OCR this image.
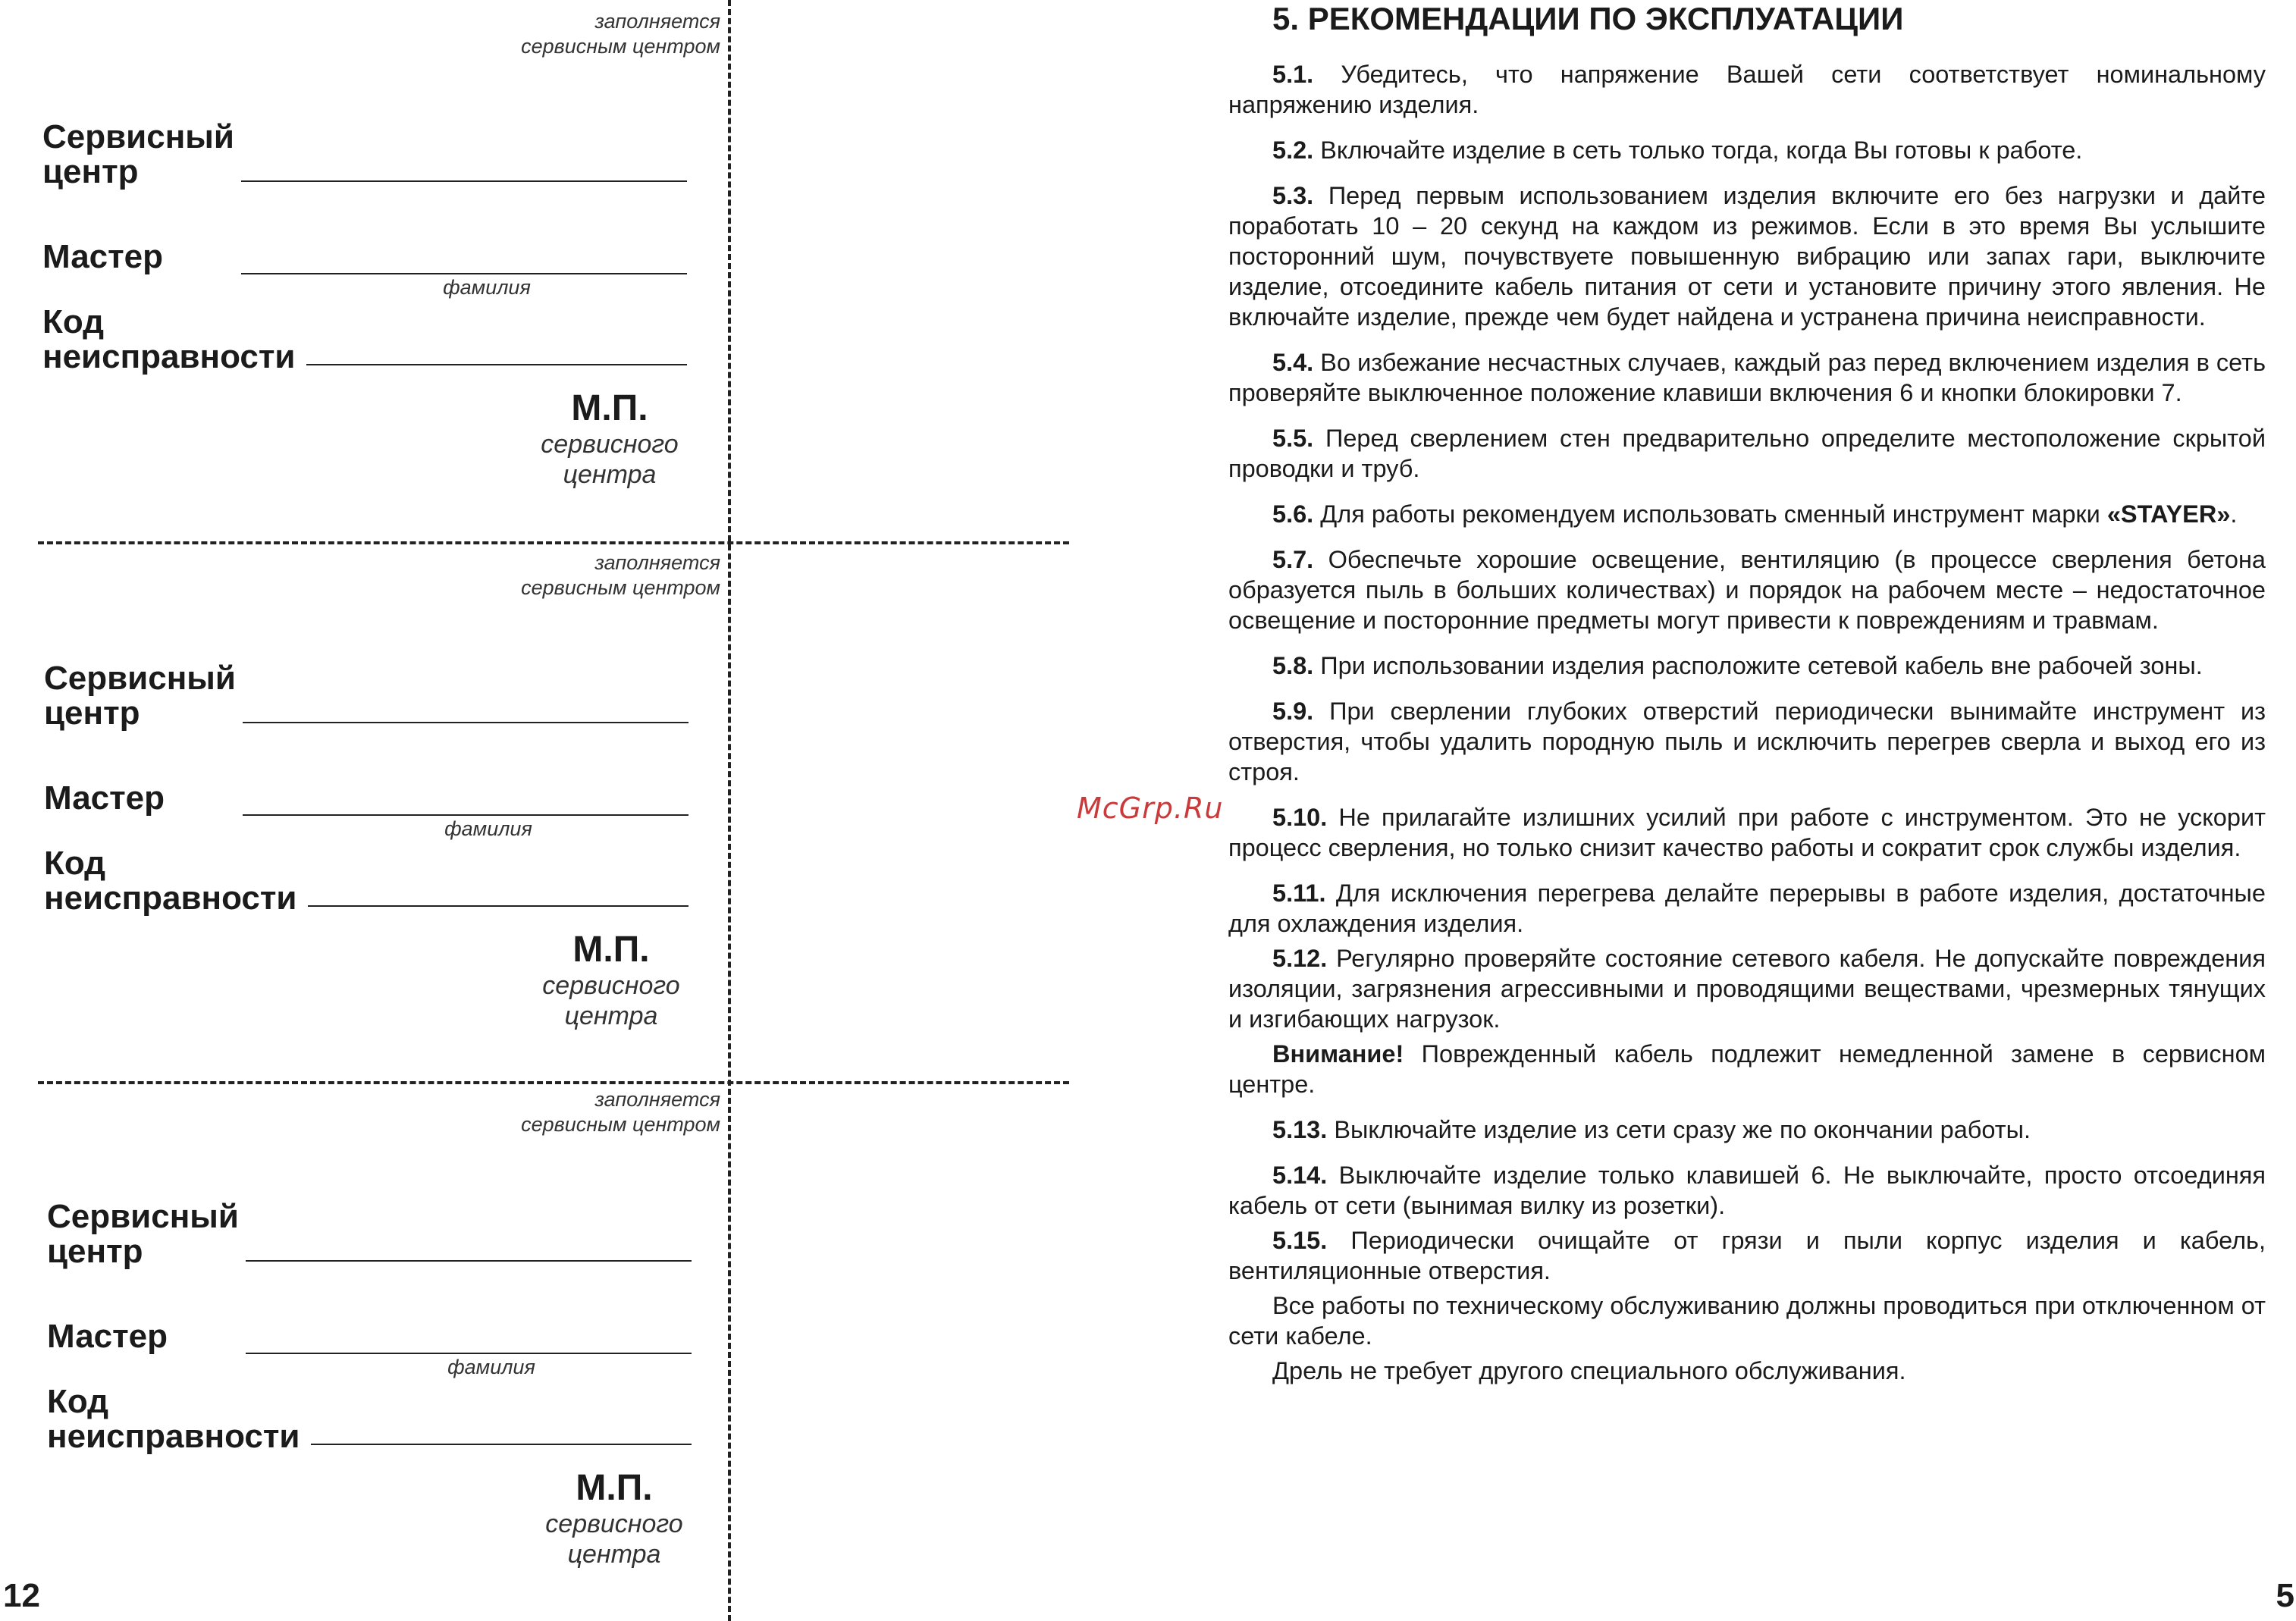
заполняется
сервисным центром
Сервисный
центр
Мастер
фамилия
Код
неисправности
М.П.
сервисного
центра
заполняется
сервисным центром
Сервисный
центр
Мастер
фамилия
Код
неисправности
М.П.
сервисного
центра
заполняется
сервисным центром
Сервисный
центр
Мастер
фамилия
Код
неисправности
М.П.
сервисного
центра
12
5. РЕКОМЕНДАЦИИ ПО ЭКСПЛУАТАЦИИ

5.1. Убедитесь, что напряжение Вашей сети соответствует номинальному напряжению изделия.

5.2. Включайте изделие в сеть только тогда, когда Вы готовы к работе.

5.3. Перед первым использованием изделия включите его без нагрузки и дайте поработать 10 – 20 секунд на каждом из режимов. Если в это время Вы услышите посторонний шум, почувствуете повышенную вибрацию или запах гари, выключите изделие, отсоедините кабель питания от сети и установите причину этого явления. Не включайте изделие, прежде чем будет найдена и устранена причина неисправности.

5.4. Во избежание несчастных случаев, каждый раз перед включением изделия в сеть проверяйте выключенное положение клавиши включения 6 и кнопки блокировки 7.

5.5. Перед сверлением стен предварительно определите местоположение скрытой проводки и труб.

5.6. Для работы рекомендуем использовать сменный инструмент марки «STAYER».

5.7. Обеспечьте хорошие освещение, вентиляцию (в процессе сверления бетона образуется пыль в больших количествах) и порядок на рабочем месте – недостаточное освещение и посторонние предметы могут привести к повреждениям и травмам.

5.8. При использовании изделия расположите сетевой кабель вне рабочей зоны.

5.9. При сверлении глубоких отверстий периодически вынимайте инструмент из отверстия, чтобы удалить породную пыль и исключить перегрев сверла и выход его из строя.

5.10. Не прилагайте излишних усилий при работе с инструментом. Это не ускорит процесс сверления, но только снизит качество работы и сократит срок службы изделия.

5.11. Для исключения перегрева делайте перерывы в работе изделия, достаточные для охлаждения изделия.

5.12. Регулярно проверяйте состояние сетевого кабеля. Не допускайте повреждения изоляции, загрязнения агрессивными и проводящими веществами, чрезмерных тянущих и изгибающих нагрузок.

Внимание! Поврежденный кабель подлежит немедленной замене в сервисном центре.

5.13. Выключайте изделие из сети сразу же по окончании работы.

5.14. Выключайте изделие только клавишей 6. Не выключайте, просто отсоединяя кабель от сети (вынимая вилку из розетки).

5.15. Периодически очищайте от грязи и пыли корпус изделия и кабель, вентиляционные отверстия.

Все работы по техническому обслуживанию должны проводиться при отключенном от сети кабеле.

Дрель не требует другого специального обслуживания.

5
McGrp.Ru
